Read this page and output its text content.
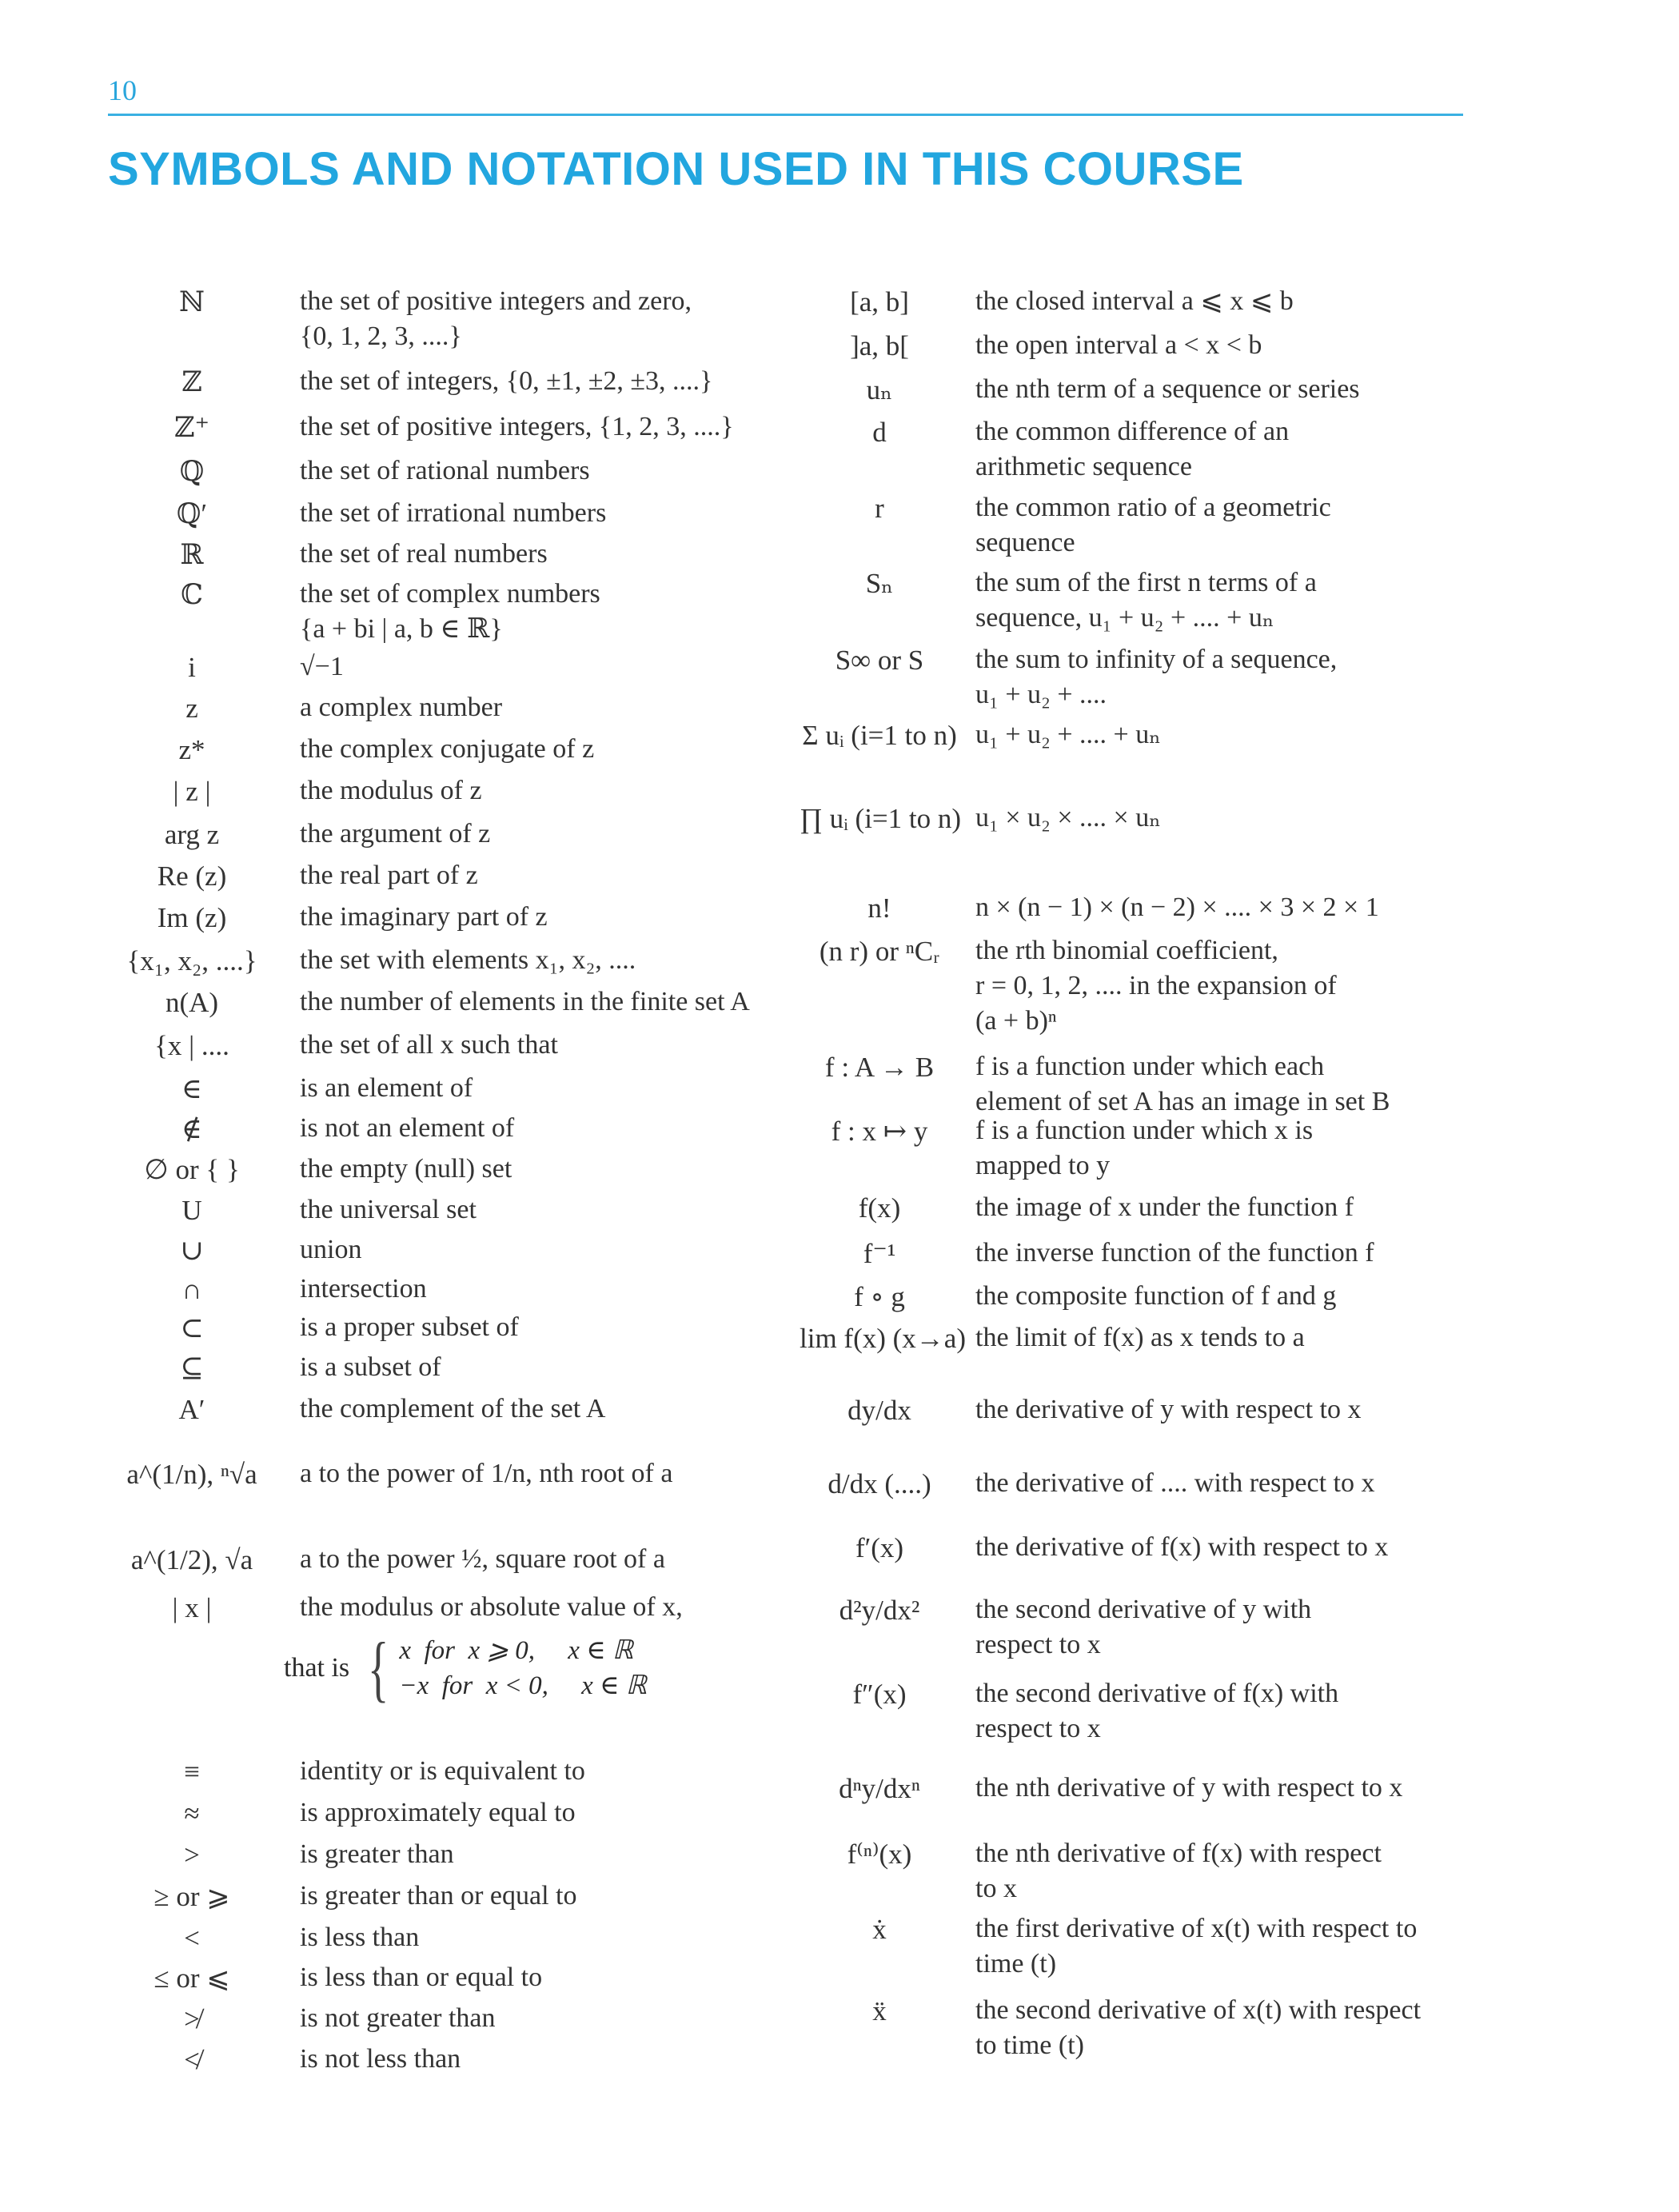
10
SYMBOLS AND NOTATION USED IN THIS COURSE
ℕ	the set of positive integers and zero,
{0, 1, 2, 3, ....}
ℤ	the set of integers, {0, ±1, ±2, ±3, ....}
ℤ⁺	the set of positive integers, {1, 2, 3, ....}
ℚ	the set of rational numbers
ℚ′	the set of irrational numbers
ℝ	the set of real numbers
ℂ	the set of complex numbers
{a + bi | a, b ∈ ℝ}
i	√−1
z	a complex number
z*	the complex conjugate of z
| z |	the modulus of z
arg z	the argument of z
Re (z)	the real part of z
Im (z)	the imaginary part of z
{x₁, x₂, ....}	the set with elements x₁, x₂, ....
n(A)	the number of elements in the finite set A
{x | ....	the set of all x such that
∈	is an element of
∉	is not an element of
∅ or { }	the empty (null) set
U	the universal set
∪	union
∩	intersection
⊂	is a proper subset of
⊆	is a subset of
A′	the complement of the set A
a^(1/n), ⁿ√a	a to the power of 1/n, nth root of a
a^(1/2), √a	a to the power ½, square root of a
| x |	the modulus or absolute value of x,
≡	identity or is equivalent to
≈	is approximately equal to
>	is greater than
≥ or ⩾	is greater than or equal to
<	is less than
≤ or ⩽	is less than or equal to
≯	is not greater than
≮	is not less than
that is { x  for  x ⩾ 0,     x ∈ ℝ
−x  for  x < 0,     x ∈ ℝ
[a, b]	the closed interval a ⩽ x ⩽ b
]a, b[	the open interval a < x < b
uₙ	the nth term of a sequence or series
d	the common difference of an
arithmetic sequence
r	the common ratio of a geometric
sequence
Sₙ	the sum of the first n terms of a
sequence, u₁ + u₂ + .... + uₙ
S∞ or S	the sum to infinity of a sequence,
u₁ + u₂ + ....
Σ uᵢ (i=1 to n) u₁ + u₂ + .... + uₙ
∏ uᵢ (i=1 to n) u₁ × u₂ × .... × uₙ
n!	n × (n − 1) × (n − 2) × .... × 3 × 2 × 1
(n r) or ⁿCᵣ	the rth binomial coefficient,
r = 0, 1, 2, .... in the expansion of
(a + b)ⁿ
f : A → B	f is a function under which each
element of set A has an image in set B
f : x ↦ y	f is a function under which x is
mapped to y
f(x)	the image of x under the function f
f⁻¹	the inverse function of the function f
f ∘ g	the composite function of f and g
lim f(x) (x→a) the limit of f(x) as x tends to a
dy/dx	the derivative of y with respect to x
d/dx (....)	the derivative of .... with respect to x
f′(x)	the derivative of f(x) with respect to x
d²y/dx²	the second derivative of y with
respect to x
f″(x)	the second derivative of f(x) with
respect to x
dⁿy/dxⁿ	the nth derivative of y with respect to x
f⁽ⁿ⁾(x)	the nth derivative of f(x) with respect
to x
ẋ	the first derivative of x(t) with respect to
time (t)
ẍ	the second derivative of x(t) with respect
to time (t)
